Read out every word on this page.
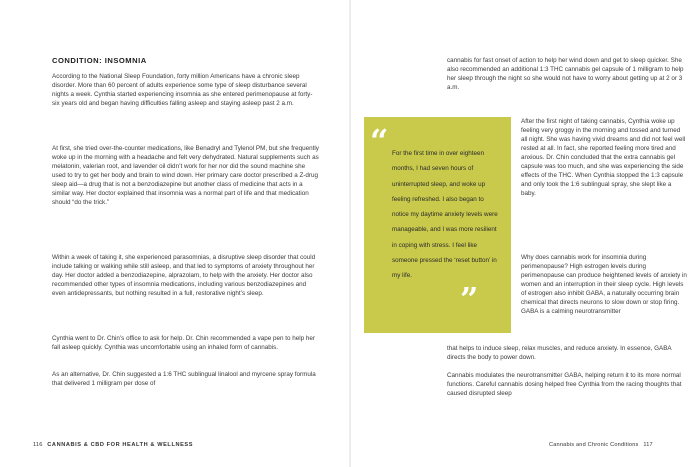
CONDITION: INSOMNIA

According to the National Sleep Foundation, forty million Americans have a chronic sleep disorder. More than 60 percent of adults experience some type of sleep disturbance several nights a week. Cynthia started experiencing insomnia as she entered perimenopause at forty-six years old and began having difficulties falling asleep and staying asleep past 2 a.m.

At first, she tried over-the-counter medications, like Benadryl and Tylenol PM, but she frequently woke up in the morning with a headache and felt very dehydrated. Natural supplements such as melatonin, valerian root, and lavender oil didn’t work for her nor did the sound machine she used to try to get her body and brain to wind down. Her primary care doctor prescribed a Z-drug sleep aid—a drug that is not a benzodiazepine but another class of medicine that acts in a similar way. Her doctor explained that insomnia was a normal part of life and that medication should “do the trick.”

Within a week of taking it, she experienced parasomnias, a disruptive sleep disorder that could include talking or walking while still asleep, and that led to symptoms of anxiety throughout her day. Her doctor added a benzodiazepine, alprazolam, to help with the anxiety. Her doctor also recommended other types of insomnia medications, including various benzodiazepines and even antidepressants, but nothing resulted in a full, restorative night’s sleep.

Cynthia went to Dr. Chin’s office to ask for help. Dr. Chin recommended a vape pen to help her fall asleep quickly. Cynthia was uncomfortable using an inhaled form of cannabis.

As an alternative, Dr. Chin suggested a 1:6 THC sublingual linalool and myrcene spray formula that delivered 1 milligram per dose of

116 CANNABIS & CBD FOR HEALTH & WELLNESS

cannabis for fast onset of action to help her wind down and get to sleep quicker. She also recommended an additional 1:3 THC cannabis gel capsule of 1 milligram to help her sleep through the night so she would not have to worry about getting up at 2 or 3 a.m.

“ For the first time in over eighteen months, I had seven hours of uninterrupted sleep, and woke up feeling refreshed. I also began to notice my daytime anxiety levels were manageable, and I was more resilient in coping with stress. I feel like someone pressed the ‘reset button’ in my life.

”

After the first night of taking cannabis, Cynthia woke up feeling very groggy in the morning and tossed and turned all night. She was having vivid dreams and did not feel well rested at all. In fact, she reported feeling more tired and anxious. Dr. Chin concluded that the extra cannabis gel capsule was too much, and she was experiencing the side effects of the THC. When Cynthia stopped the 1:3 capsule and only took the 1:6 sublingual spray, she slept like a baby.

Why does cannabis work for insomnia during perimenopause? High estrogen levels during perimenopause can produce heightened levels of anxiety in women and an interruption in their sleep cycle. High levels of estrogen also inhibit GABA, a naturally occurring brain chemical that directs neurons to slow down or stop firing. GABA is a calming neurotransmitter

that helps to induce sleep, relax muscles, and reduce anxiety. In essence, GABA directs the body to power down.

Cannabis modulates the neurotransmitter GABA, helping return it to its more normal functions. Careful cannabis dosing helped free Cynthia from the racing thoughts that caused disrupted sleep

Cannabis and Chronic Conditions 117
